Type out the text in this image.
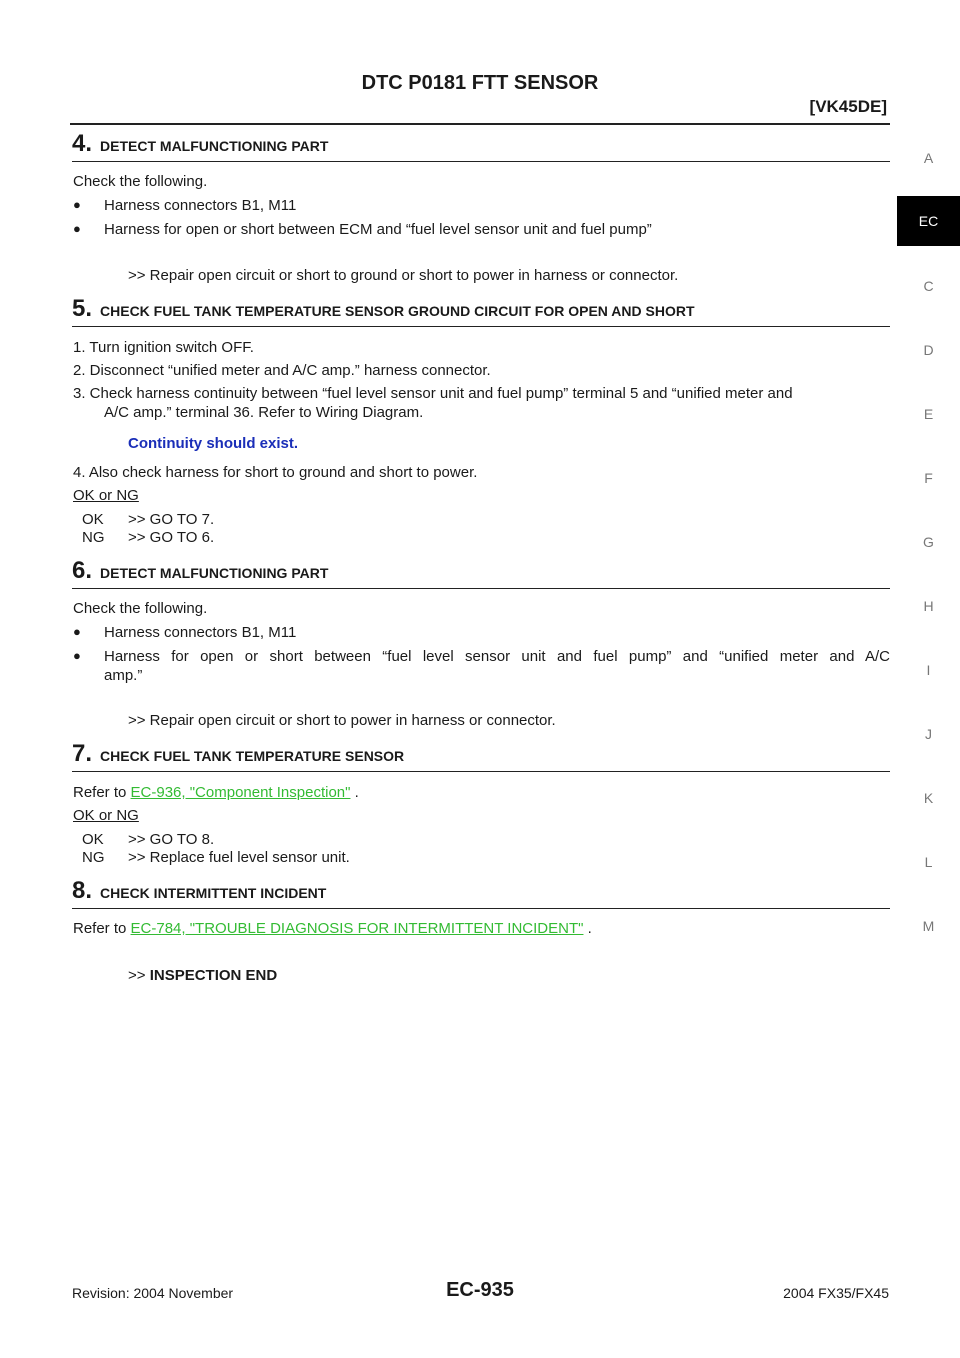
DTC P0181 FTT SENSOR
[VK45DE]
A
EC
C
D
E
F
G
H
I
J
K
L
M
4. DETECT MALFUNCTIONING PART
Check the following.
● Harness connectors B1, M11
● Harness for open or short between ECM and “fuel level sensor unit and fuel pump”
>> Repair open circuit or short to ground or short to power in harness or connector.
5. CHECK FUEL TANK TEMPERATURE SENSOR GROUND CIRCUIT FOR OPEN AND SHORT
1. Turn ignition switch OFF.
2. Disconnect “unified meter and A/C amp.” harness connector.
3. Check harness continuity between “fuel level sensor unit and fuel pump” terminal 5 and “unified meter and
A/C amp.” terminal 36. Refer to Wiring Diagram.
Continuity should exist.
4. Also check harness for short to ground and short to power.
OK or NG
OK >> GO TO 7.
NG >> GO TO 6.
6. DETECT MALFUNCTIONING PART
Check the following.
● Harness connectors B1, M11
● Harness for open or short between “fuel level sensor unit and fuel pump” and “unified meter and A/C
amp.”
>> Repair open circuit or short to power in harness or connector.
7. CHECK FUEL TANK TEMPERATURE SENSOR
Refer to EC-936, "Component Inspection" .
OK or NG
OK >> GO TO 8.
NG >> Replace fuel level sensor unit.
8. CHECK INTERMITTENT INCIDENT
Refer to EC-784, "TROUBLE DIAGNOSIS FOR INTERMITTENT INCIDENT" .
>> INSPECTION END
Revision: 2004 November	EC-935	2004 FX35/FX45
